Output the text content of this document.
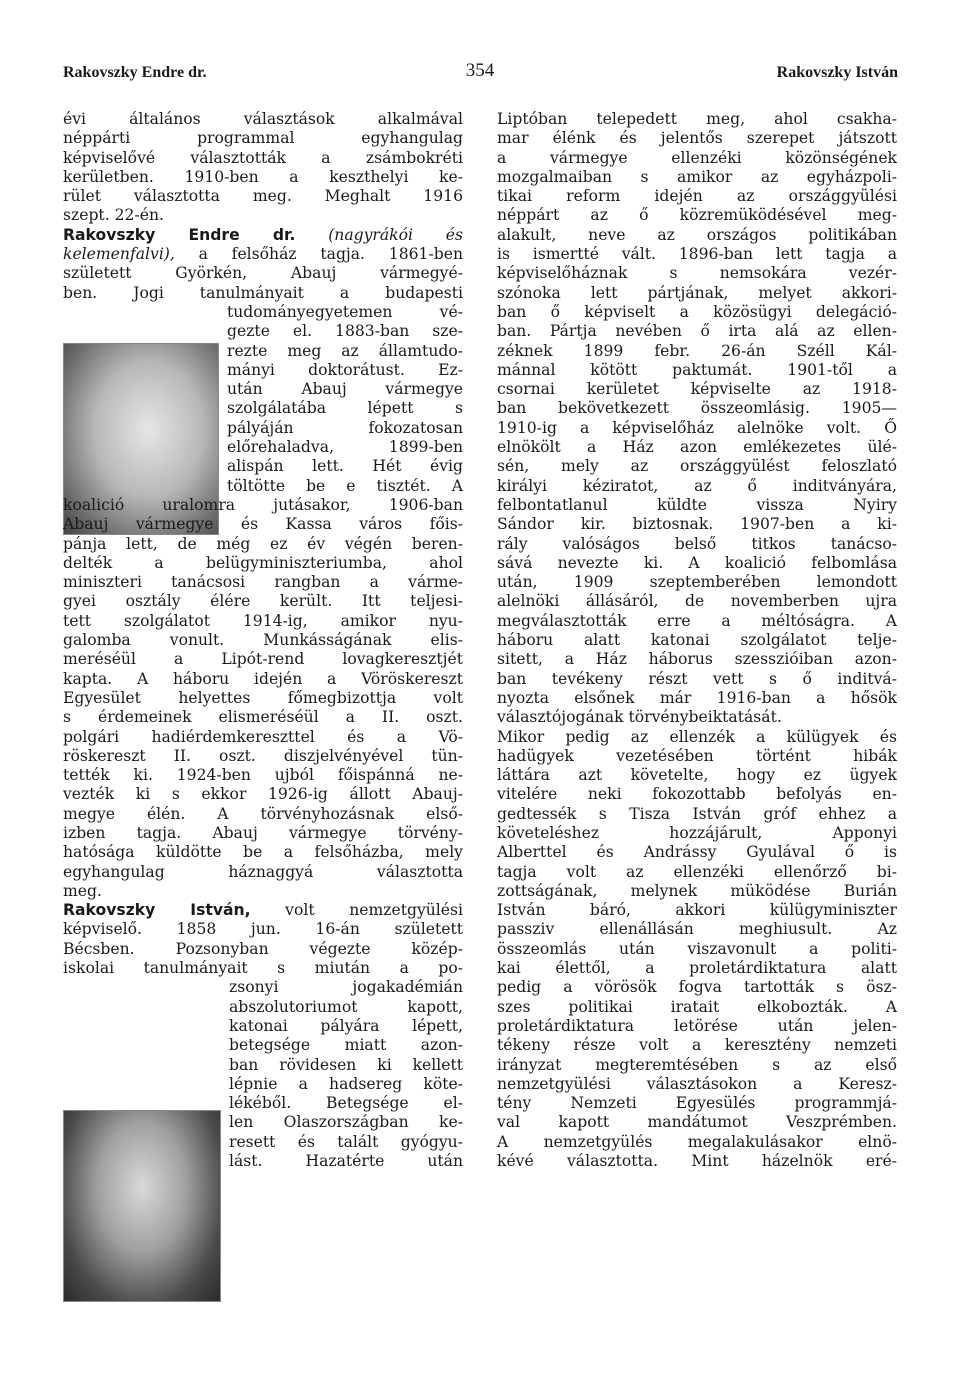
Rakovszky Endre dr.	354	Rakovszky István
évi általános választások alkalmával
néppárti programmal egyhangulag
képviselővé választották a zsámbokréti
kerületben. 1910-ben a keszthelyi ke-
rület választotta meg. Meghalt 1916
szept. 22-én.
Rakovszky Endre dr. (nagyrákói és
kelemenfalvi), a felsőház tagja. 1861-ben
született Györkén, Abauj vármegyé-
ben. Jogi tanulmányait a budapesti
tudományegyetemen vé-
gezte el. 1883-ban sze-
rezte meg az államtudo-
mányi doktorátust. Ez-
után Abauj vármegye
szolgálatába lépett s
pályáján fokozatosan
előrehaladva, 1899-ben
alispán lett. Hét évig
töltötte be e tisztét. A
koalició uralomra jutásakor, 1906-ban
Abauj vármegye és Kassa város főis-
pánja lett, de még ez év végén beren-
delték a belügyminiszteriumba, ahol
miniszteri tanácsosi rangban a várme-
gyei osztály élére került. Itt teljesi-
tett szolgálatot 1914-ig, amikor nyu-
galomba vonult. Munkásságának elis-
meréséül a Lipót-rend lovagkeresztjét
kapta. A háboru idején a Vöröskereszt
Egyesület helyettes főmegbizottja volt
s érdemeinek elismeréséül a II. oszt.
polgári hadiérdemkereszttel és a Vö-
röskereszt II. oszt. diszjelvényével tün-
tették ki. 1924-ben ujból főispánná ne-
vezték ki s ekkor 1926-ig állott Abauj-
megye élén. A törvényhozásnak első-
izben tagja. Abauj vármegye törvény-
hatósága küldötte be a felsőházba, mely
egyhangulag háznaggyá választotta
meg.
Rakovszky István, volt nemzetgyülési
képviselő. 1858 jun. 16-án született
Bécsben. Pozsonyban végezte közép-
iskolai tanulmányait s miután a po-
zsonyi jogakadémián
abszolutoriumot kapott,
katonai pályára lépett,
betegsége miatt azon-
ban rövidesen ki kellett
lépnie a hadsereg köte-
lékéből. Betegsége el-
len Olaszországban ke-
resett és talált gyógyu-
lást. Hazatérte után
Liptóban telepedett meg, ahol csakha-
mar élénk és jelentős szerepet játszott
a vármegye ellenzéki közönségének
mozgalmaiban s amikor az egyházpoli-
tikai reform idején az országgyülési
néppárt az ő közremüködésével meg-
alakult, neve az országos politikában
is ismertté vált. 1896-ban lett tagja a
képviselőháznak s nemsokára vezér-
szónoka lett pártjának, melyet akkori-
ban ő képviselt a közösügyi delegáció-
ban. Pártja nevében ő irta alá az ellen-
zéknek 1899 febr. 26-án Széll Kál-
mánnal kötött paktumát. 1901-től a
csornai kerületet képviselte az 1918-
ban bekövetkezett összeomlásig. 1905—
1910-ig a képviselőház alelnöke volt. Ő
elnökölt a Ház azon emlékezetes ülé-
sén, mely az országgyülést feloszlató
királyi kéziratot, az ő inditványára,
felbontatlanul küldte vissza Nyiry
Sándor kir. biztosnak. 1907-ben a ki-
rály valóságos belső titkos tanácso-
sává nevezte ki. A koalició felbomlása
után, 1909 szeptemberében lemondott
alelnöki állásáról, de novemberben ujra
megválasztották erre a méltóságra. A
háboru alatt katonai szolgálatot telje-
sitett, a Ház háborus szesszióiban azon-
ban tevékeny részt vett s ő inditvá-
nyozta elsőnek már 1916-ban a hősök
választójogának törvénybeiktatását.
Mikor pedig az ellenzék a külügyek és
hadügyek vezetésében történt hibák
láttára azt követelte, hogy ez ügyek
vitelére neki fokozottabb befolyás en-
gedtessék s Tisza István gróf ehhez a
követeléshez hozzájárult, Apponyi
Alberttel és Andrássy Gyulával ő is
tagja volt az ellenzéki ellenőrző bi-
zottságának, melynek müködése Burián
István báró, akkori külügyminiszter
passziv ellenállásán meghiusult. Az
összeomlás után viszavonult a politi-
kai élettől, a proletárdiktatura alatt
pedig a vörösök fogva tartották s ösz-
szes politikai iratait elkobozták. A
proletárdiktatura letörése után jelen-
tékeny része volt a keresztény nemzeti
irányzat megteremtésében s az első
nemzetgyülési választásokon a Keresz-
tény Nemzeti Egyesülés programmjá-
val kapott mandátumot Veszprémben.
A nemzetgyülés megalakulásakor elnö-
kévé választotta. Mint házelnök eré-
